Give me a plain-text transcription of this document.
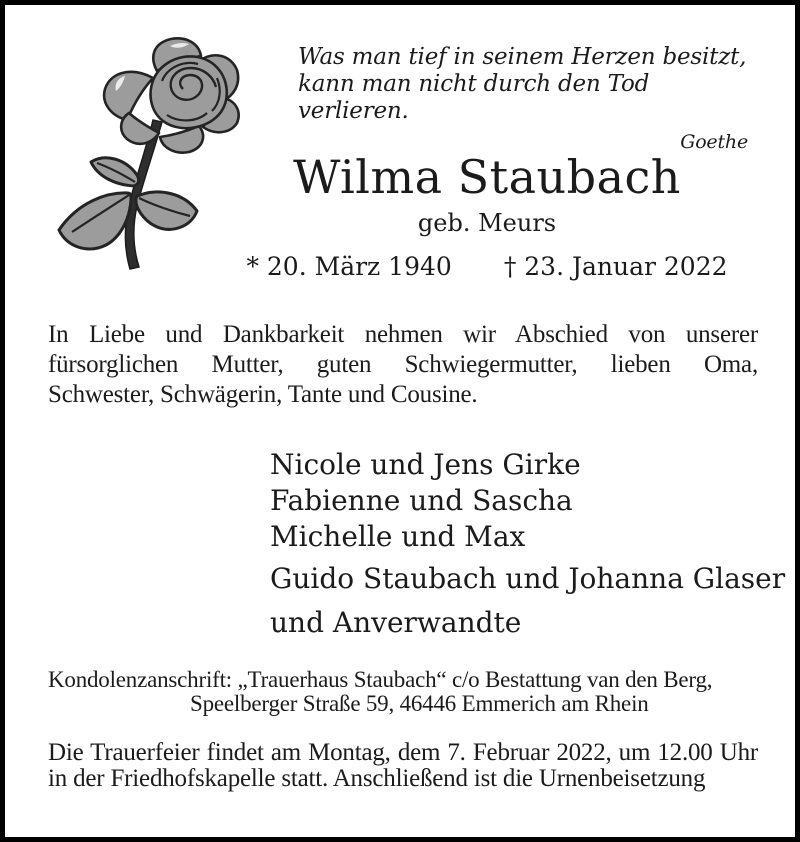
Was man tief in seinem Herzen besitzt,
kann man nicht durch den Tod verlieren.
Goethe
Wilma Staubach
geb. Meurs
* 20. März 1940 † 23. Januar 2022
In Liebe und Dankbarkeit nehmen wir Abschied von unserer
fürsorglichen Mutter, guten Schwiegermutter, lieben Oma,
Schwester, Schwägerin, Tante und Cousine.
Nicole und Jens Girke
Fabienne und Sascha
Michelle und Max
Guido Staubach und Johanna Glaser
und Anverwandte
Kondolenzanschrift: „Trauerhaus Staubach“ c/o Bestattung van den Berg,
Speelberger Straße 59, 46446 Emmerich am Rhein
Die Trauerfeier findet am Montag, dem 7. Februar 2022, um 12.00 Uhr
in der Friedhofskapelle statt. Anschließend ist die Urnenbeisetzung
